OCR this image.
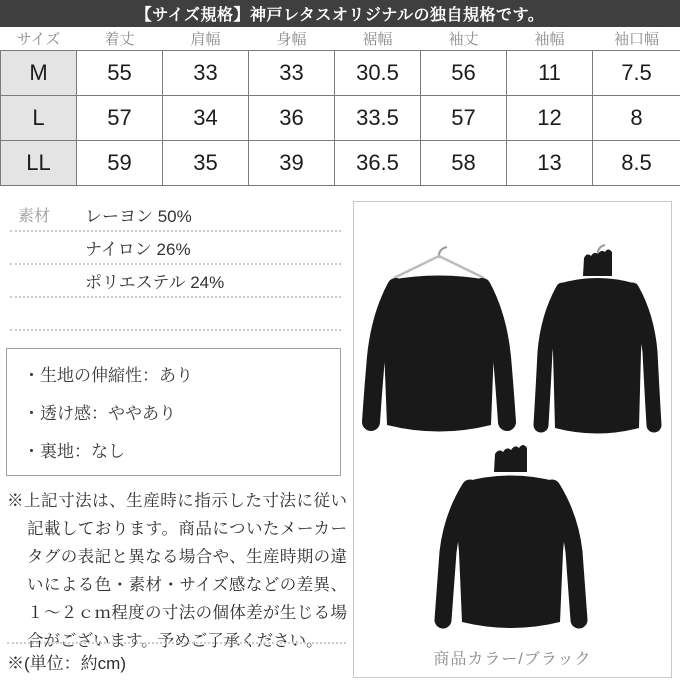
【サイズ規格】神戸レタスオリジナルの独自規格です。
サイズ	着丈	肩幅	身幅	裾幅	袖丈	袖幅	袖口幅
M	55	33	33	30.5	56	11	7.5
L	57	34	36	33.5	57	12	8
LL	59	35	39	36.5	58	13	8.5
素材	レーヨン 50%
ナイロン 26%
ポリエステル 24%
・生地の伸縮性：あり
・透け感：ややあり
・裏地：なし
※上記寸法は、生産時に指示した寸法に従い記載しております。商品についたメーカータグの表記と異なる場合や、生産時期の違いによる色・素材・サイズ感などの差異、１〜２ｃｍ程度の寸法の個体差が生じる場合がございます。予めご了承ください。
※(単位：約cm)	商品カラー/ブラック
